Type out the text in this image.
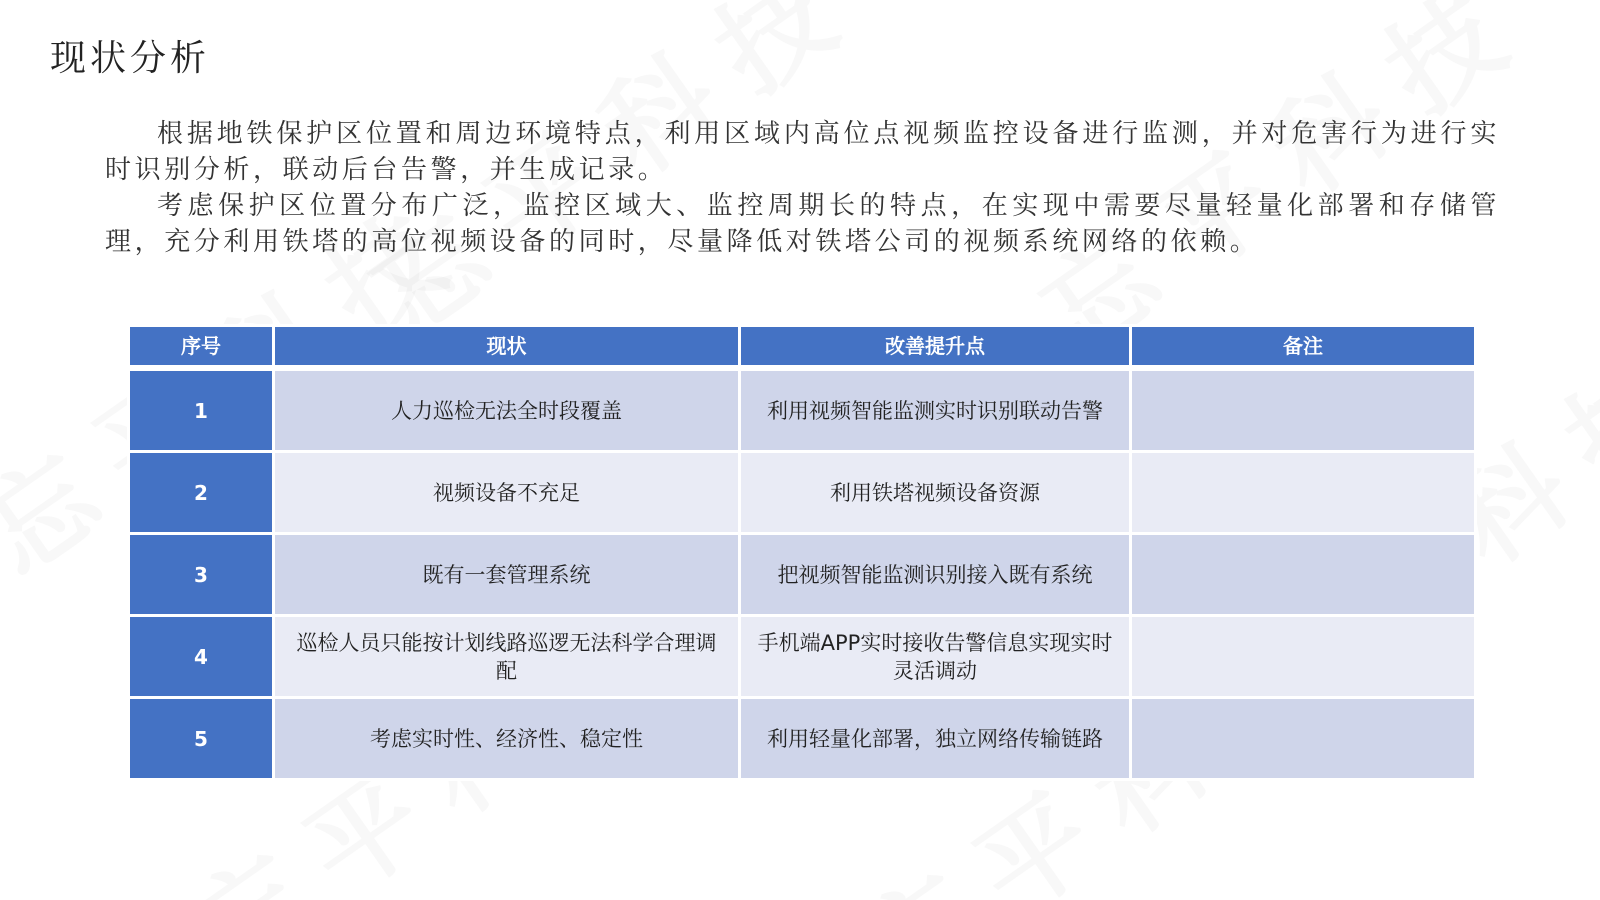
现状分析

根据地铁保护区位置和周边环境特点，利用区域内高位点视频监控设备进行监测，并对危害行为进行实时识别分析，联动后台告警，并生成记录。

考虑保护区位置分布广泛，监控区域大、监控周期长的特点，在实现中需要尽量轻量化部署和存储管理，充分利用铁塔的高位视频设备的同时，尽量降低对铁塔公司的视频系统网络的依赖。

序号	现状	改善提升点	备注
1	人力巡检无法全时段覆盖	利用视频智能监测实时识别联动告警	
2	视频设备不充足	利用铁塔视频设备资源	
3	既有一套管理系统	把视频智能监测识别接入既有系统	
4	巡检人员只能按计划线路巡逻无法科学合理调配	手机端APP实时接收告警信息实现实时灵活调动	
5	考虑实时性、经济性、稳定性	利用轻量化部署，独立网络传输链路	
